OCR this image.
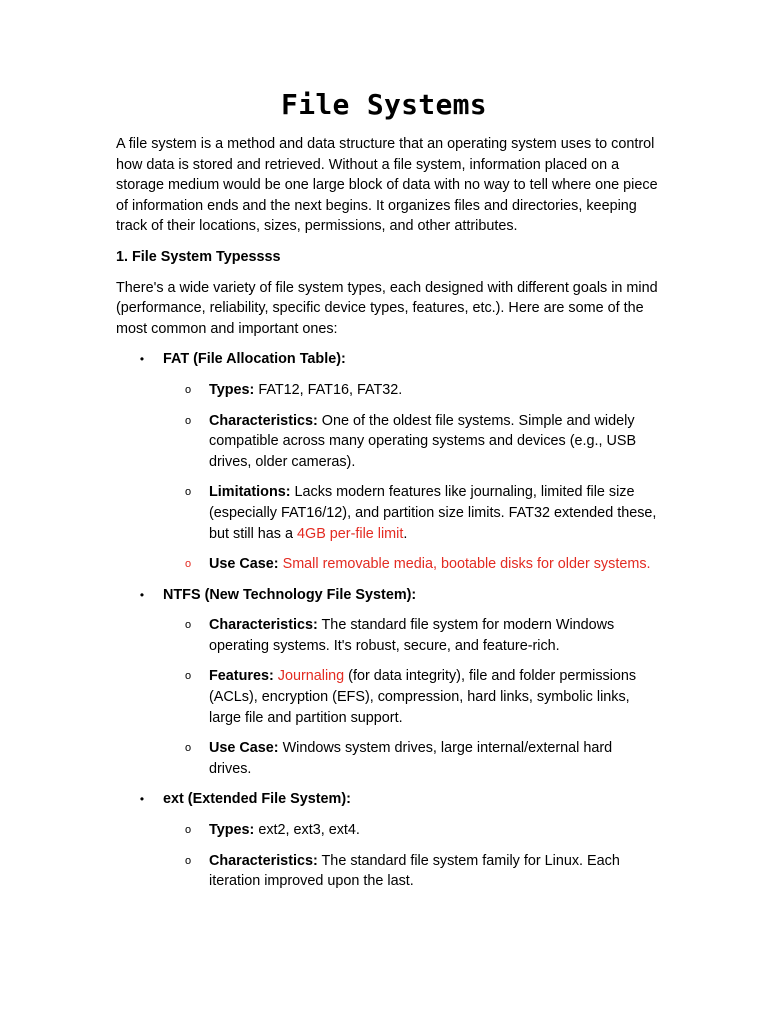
File Systems

A file system is a method and data structure that an operating system uses to control how data is stored and retrieved. Without a file system, information placed on a storage medium would be one large block of data with no way to tell where one piece of information ends and the next begins. It organizes files and directories, keeping track of their locations, sizes, permissions, and other attributes.

1. File System Typessss

There's a wide variety of file system types, each designed with different goals in mind (performance, reliability, specific device types, features, etc.). Here are some of the most common and important ones:

• FAT (File Allocation Table):

o Types: FAT12, FAT16, FAT32.
o Characteristics: One of the oldest file systems. Simple and widely compatible across many operating systems and devices (e.g., USB drives, older cameras).
o Limitations: Lacks modern features like journaling, limited file size (especially FAT16/12), and partition size limits. FAT32 extended these, but still has a 4GB per-file limit.
o Use Case: Small removable media, bootable disks for older systems.
• NTFS (New Technology File System):

o Characteristics: The standard file system for modern Windows operating systems. It's robust, secure, and feature-rich.
o Features: Journaling (for data integrity), file and folder permissions (ACLs), encryption (EFS), compression, hard links, symbolic links, large file and partition support.
o Use Case: Windows system drives, large internal/external hard drives.
• ext (Extended File System):

o Types: ext2, ext3, ext4.
o Characteristics: The standard file system family for Linux. Each iteration improved upon the last.
